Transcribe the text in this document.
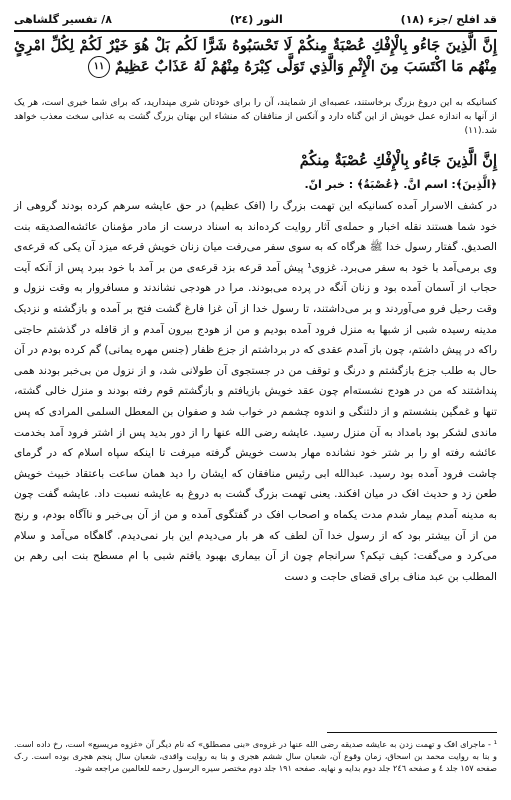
قد افلح /جزء (١٨)
النور (٢٤)
٨/ تفسیر گلشاهی
إِنَّ الَّذِينَ جَاءُو بِالْإِفْكِ عُصْبَةٌ مِنكُمْ لَا تَحْسَبُوهُ شَرًّا لَكُم بَلْ هُوَ خَيْرٌ لَكُمْ لِكُلِّ امْرِئٍ مِنْهُم مَا اكْتَسَبَ مِنَ الْإِثْمِ وَالَّذِي تَوَلَّى كِبْرَهُ مِنْهُمْ لَهُ عَذَابٌ عَظِيمٌ ١١
کسانیکه به این دروغ بزرگ برخاستند، عصبه‌ای از شمایند، آن را برای خودتان شری مپندارید، که برای شما خیری است، هر یک از آنها به اندازه عمل خویش از این گناه دارد و آنکس از منافقان که منشاء این بهتان بزرگ گشت به عذابی سخت معذب خواهد شد.(١١)
إِنَّ الَّذِينَ جَاءُو بِالْإِفْكِ عُصْبَةٌ مِنكُمْ
﴿الَّذِينَ﴾: اسم انَّ. ﴿عُصْبَةٌ﴾ : خبر انّ.
در کشف الاسرار آمده کسانیکه این تهمت بزرگ را (افک عظیم) در حق عایشه سرهم کرده بودند گروهی از خود شما هستند نقله اخبار و حمله‌ی آثار روایت کرده‌اند به اسناد درست از مادر مؤمنان عائشه‌الصدیقه بنت الصدیق. گفتار رسول خدا ﷺ هرگاه که به سوی سفر می‌رفت میان زنان خویش قرعه میزد آن یکی که قرعه‌ی وی برمی‌آمد با خود به سفر می‌برد. غزوی¹ پیش آمد قرعه بزد قرعه‌ی من بر آمد با خود ببرد پس از آنکه آیت حجاب از آسمان آمده بود و زنان آنگه در پرده می‌بودند. مرا در هودجی نشاندند و مسافروار به وقت نزول و وقت رحیل فرو می‌آوردند و بر می‌داشتند، تا رسول خدا از آن غزا فارغ گشت فتح بر آمده و بازگشته و نزدیک مدینه رسیده شبی از شبها به منزل فرود آمده بودیم و من از هودج بیرون آمدم و از قافله در گذشتم حاجتی راکه در پیش داشتم، چون باز آمدم عقدی که در برداشتم از جزع ظفار (جنس مهره یمانی) گم کرده بودم در آن حال به طلب جزع بازگشتم و درنگ و توقف من در جستجوی آن طولانی شد، و از نزول من بی‌خبر بودند همی پنداشتند که من در هودج نشسته‌ام چون عقد خویش بازیافتم و بازگشتم قوم رفته بودند و منزل خالی گشته، تنها و غمگین بنشستم و از دلتنگی و اندوه چشمم در خواب شد و صفوان بن المعطل السلمی المرادی که پس ماندی لشکر بود بامداد به آن منزل رسید. عایشه رضی الله عنها را از دور بدید پس از اشتر فرود آمد بخدمت عائشه رفته او را بر شتر خود نشانده مهار بدست خویش گرفته میرفت تا اینکه سپاه اسلام که در گرمای چاشت فرود آمده بود رسید. عبدالله ابی رئیس منافقان که ایشان را دید همان ساعت باعتقاد خبیث خویش طعن زد و حدیث افک در میان افکند. یعنی تهمت بزرگ گشت به دروغ به عایشه نسبت داد. عایشه گفت چون به مدینه آمدم بیمار شدم مدت یکماه و اصحاب افک در گفتگوی آمده و من از آن بی‌خبر و ناآگاه بودم، و رنج من از آن بیشتر بود که از رسول خدا آن لطف که هر بار می‌دیدم این بار نمی‌دیدم. گاهگاه می‌آمد و سلام می‌کرد و می‌گفت: کیف تیکم؟ سرانجام چون از آن بیماری بهبود یافتم شبی با ام مسطح بنت ابی رهم بن المطلب بن عبد مناف برای قضای حاجت و دست
¹ - ماجرای افک و تهمت زدن به عایشه صدیقه رضی الله عنها در غزوه‌ی «بنی مصطلق» که نام دیگر آن «غزوه مریسیع» است، رخ داده است. و بنا به روایت محمد بن اسحاق، زمان وقوع آن، شعبان سال ششم هجری و بنا به روایت واقدی، شعبان سال پنجم هجری بوده است. ر.ک صفحه ١٥٧ جلد ٤ و صفحه ٢٤٦ جلد دوم بدایه و نهایه. صفحه ١٩١ جلد دوم مختصر سیره الرسول رحمه للعالمین مراجعه شود.
